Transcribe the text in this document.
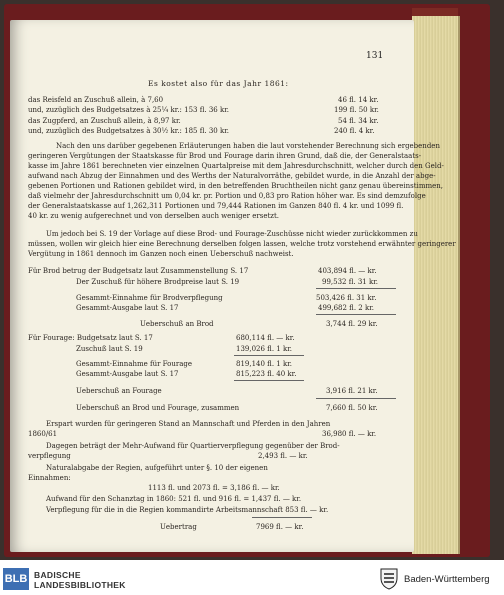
131
Es kostet also für das Jahr 1861:
das Reisfeld an Zuschuß allein, à 7,60	46 fl. 14 kr.
und, zuzüglich des Budgetsatzes à 25¼ kr.: 153 fl. 36 kr.	199 fl. 50 kr.
das Zugpferd, an Zuschuß allein, à 8,97 kr.	54 fl. 34 kr.
und, zuzüglich des Budgetsatzes à 30½ kr.: 185 fl. 30 kr.	240 fl. 4 kr.
Nach den uns darüber gegebenen Erläuterungen haben die laut vorstehender Berechnung sich ergebenden
geringeren Vergütungen der Staatskasse für Brod und Fourage darin ihren Grund, daß die, der Generalstaats-
kasse im Jahre 1861 berechneten vier einzelnen Quartalpreise mit dem Jahresdurchschnitt, welcher durch den Geld-
aufwand nach Abzug der Einnahmen und des Werths der Naturalvorräthe, gebildet wurde, in die Anzahl der abge-
gebenen Portionen und Rationen gebildet wird, in den betreffenden Bruchtheilen nicht ganz genau übereinstimmen,
daß vielmehr der Jahresdurchschnitt um 0,04 kr. pr. Portion und 0,83 pro Ration höher war. Es sind demzufolge
der Generalstaatskasse auf 1,262,311 Portionen und 79,444 Rationen im Ganzen 840 fl. 4 kr. und 1099 fl.
40 kr. zu wenig aufgerechnet und von derselben auch weniger ersetzt.
Um jedoch bei S. 19 der Vorlage auf diese Brod- und Fourage-Zuschüsse nicht wieder zurückkommen zu
müssen, wollen wir gleich hier eine Berechnung derselben folgen lassen, welche trotz vorstehend erwähnter geringerer
Vergütung in 1861 dennoch im Ganzen noch einen Ueberschuß nachweist.
Für Brod betrug der Budgetsatz laut Zusammenstellung S. 17	403,894 fl. — kr.
Der Zuschuß für höhere Brodpreise laut S. 19	99,532 fl. 31 kr.
Gesammt-Einnahme für Brodverpflegung	503,426 fl. 31 kr.
Gesammt-Ausgabe laut S. 17	499,682 fl. 2 kr.
Ueberschuß an Brod	3,744 fl. 29 kr.
Für Fourage: Budgetsatz laut S. 17	680,114 fl. — kr.
Zuschuß laut S. 19	139,026 fl. 1 kr.
Gesammt-Einnahme für Fourage	819,140 fl. 1 kr.
Gesammt-Ausgabe laut S. 17	815,223 fl. 40 kr.
Ueberschuß an Fourage	3,916 fl. 21 kr.
Ueberschuß an Brod und Fourage, zusammen	7,660 fl. 50 kr.
Erspart wurden für geringeren Stand an Mannschaft und Pferden in den Jahren
1860/61	36,980 fl. — kr.
Dagegen beträgt der Mehr-Aufwand für Quartierverpflegung gegenüber der Brod-
verpflegung	2,493 fl. — kr.
Naturalabgabe der Regien, aufgeführt unter §. 10 der eigenen
Einnahmen:
1113 fl. und 2073 fl. = 3,186 fl. — kr.
Aufwand für den Schanztag in 1860: 521 fl. und 916 fl. = 1,437 fl. — kr.
Verpflegung für die in die Regien kommandirte Arbeitsmannschaft 853 fl. — kr.
Uebertrag	7969 fl. — kr.
BLB BADISCHE
LANDESBIBLIOTHEK	Baden-Württemberg
